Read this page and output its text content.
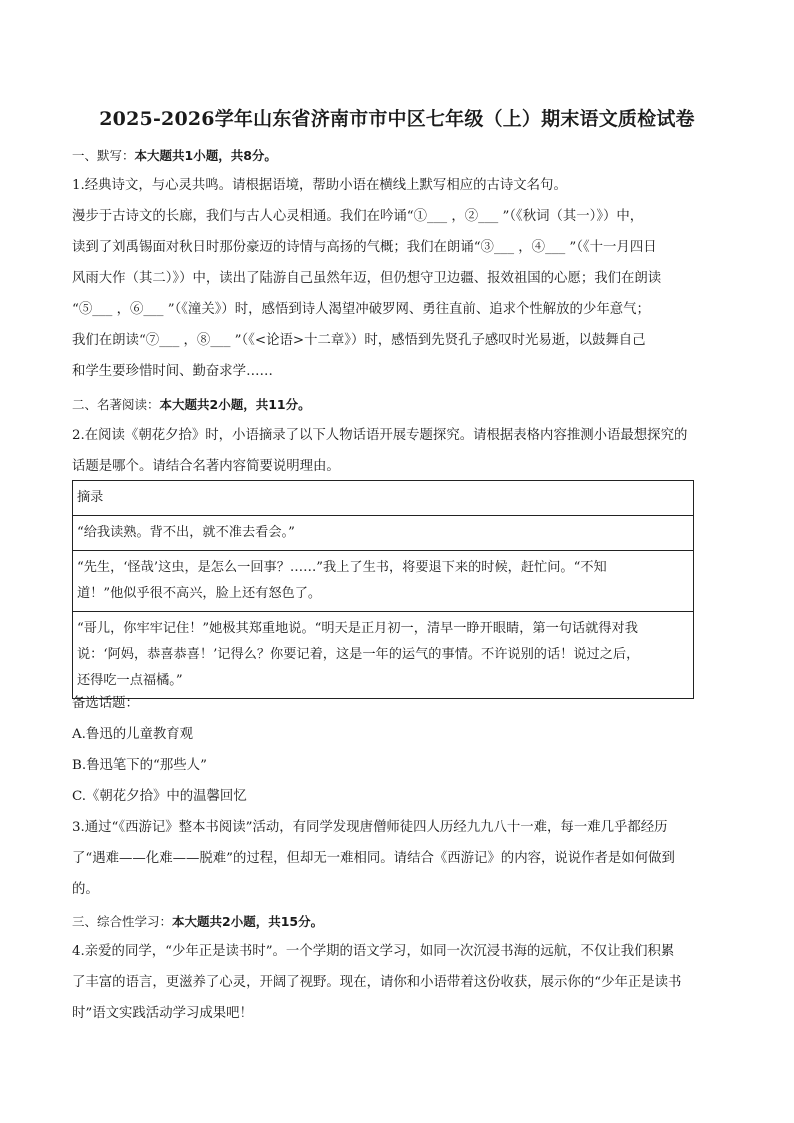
2025-2026学年山东省济南市市中区七年级（上）期末语文质检试卷
一、默写：本大题共1小题，共8分。
1.经典诗文，与心灵共鸣。请根据语境，帮助小语在横线上默写相应的古诗文名句。
漫步于古诗文的长廊，我们与古人心灵相通。我们在吟诵“①___ ，②___ ”（《秋词（其一）》）中，
读到了刘禹锡面对秋日时那份豪迈的诗情与高扬的气概；我们在朗诵“③___ ，④___ ”（《十一月四日
风雨大作（其二）》）中，读出了陆游自己虽然年迈，但仍想守卫边疆、报效祖国的心愿；我们在朗读
“⑤___ ，⑥___ ”（《潼关》）时，感悟到诗人渴望冲破罗网、勇往直前、追求个性解放的少年意气；
我们在朗读“⑦___ ，⑧___ ”（《<论语>十二章》）时，感悟到先贤孔子感叹时光易逝，以鼓舞自己
和学生要珍惜时间、勤奋求学……
二、名著阅读：本大题共2小题，共11分。
2.在阅读《朝花夕拾》时，小语摘录了以下人物话语开展专题探究。请根据表格内容推测小语最想探究的
话题是哪个。请结合名著内容简要说明理由。
摘录

“给我读熟。背不出，就不准去看会。”

“先生，‘怪哉’这虫，是怎么一回事？……”我上了生书，将要退下来的时候，赶忙问。“不知
道！”他似乎很不高兴，脸上还有怒色了。

“哥儿，你牢牢记住！”她极其郑重地说。“明天是正月初一，清早一睁开眼睛，第一句话就得对我
说：‘阿妈，恭喜恭喜！’记得么？你要记着，这是一年的运气的事情。不许说别的话！说过之后，
还得吃一点福橘。”
备选话题：
A.鲁迅的儿童教育观
B.鲁迅笔下的“那些人”
C.《朝花夕拾》中的温馨回忆
3.通过“《西游记》整本书阅读”活动，有同学发现唐僧师徒四人历经九九八十一难，每一难几乎都经历
了“遇难——化难——脱难”的过程，但却无一难相同。请结合《西游记》的内容，说说作者是如何做到
的。
三、综合性学习：本大题共2小题，共15分。
4.亲爱的同学，“少年正是读书时”。一个学期的语文学习，如同一次沉浸书海的远航，不仅让我们积累
了丰富的语言，更滋养了心灵，开阔了视野。现在，请你和小语带着这份收获，展示你的“少年正是读书
时”语文实践活动学习成果吧！
